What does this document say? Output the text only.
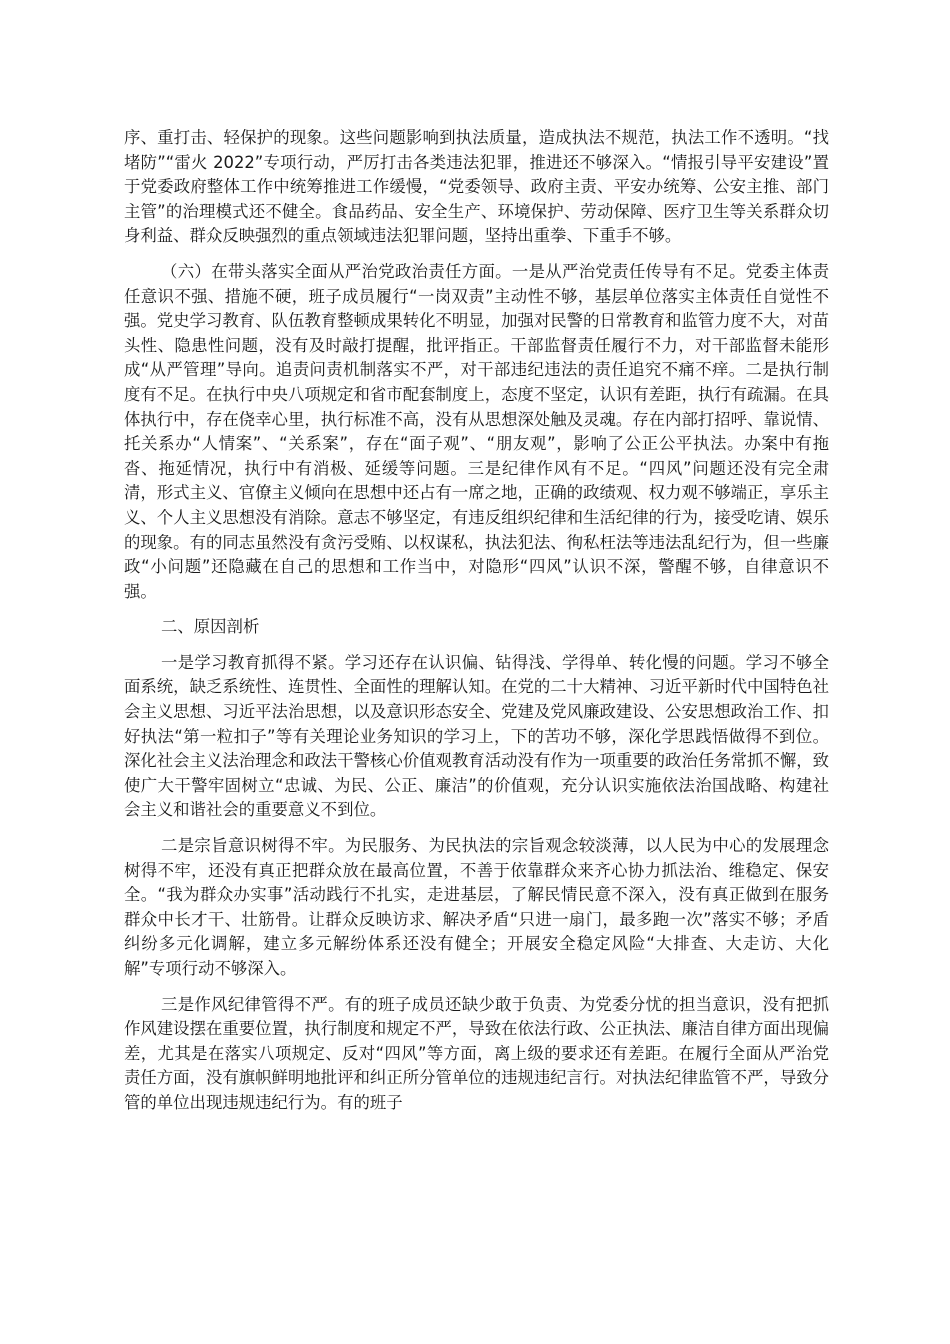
序、重打击、轻保护的现象。这些问题影响到执法质量，造成执法不规范，执法工作不透明。“找堵防”“雷火 2022”专项行动，严厉打击各类违法犯罪，推进还不够深入。“情报引导平安建设”置于党委政府整体工作中统筹推进工作缓慢，“党委领导、政府主责、平安办统筹、公安主推、部门主管”的治理模式还不健全。食品药品、安全生产、环境保护、劳动保障、医疗卫生等关系群众切身利益、群众反映强烈的重点领域违法犯罪问题，坚持出重拳、下重手不够。

（六）在带头落实全面从严治党政治责任方面。一是从严治党责任传导有不足。党委主体责任意识不强、措施不硬，班子成员履行“一岗双责”主动性不够，基层单位落实主体责任自觉性不强。党史学习教育、队伍教育整顿成果转化不明显，加强对民警的日常教育和监管力度不大，对苗头性、隐患性问题，没有及时敲打提醒，批评指正。干部监督责任履行不力，对干部监督未能形成“从严管理”导向。追责问责机制落实不严，对干部违纪违法的责任追究不痛不痒。二是执行制度有不足。在执行中央八项规定和省市配套制度上，态度不坚定，认识有差距，执行有疏漏。在具体执行中，存在侥幸心里，执行标准不高，没有从思想深处触及灵魂。存在内部打招呼、靠说情、托关系办“人情案”、“关系案”，存在“面子观”、“朋友观”，影响了公正公平执法。办案中有拖沓、拖延情况，执行中有消极、延缓等问题。三是纪律作风有不足。“四风”问题还没有完全肃清，形式主义、官僚主义倾向在思想中还占有一席之地，正确的政绩观、权力观不够端正，享乐主义、个人主义思想没有消除。意志不够坚定，有违反组织纪律和生活纪律的行为，接受吃请、娱乐的现象。有的同志虽然没有贪污受贿、以权谋私，执法犯法、徇私枉法等违法乱纪行为，但一些廉政“小问题”还隐藏在自己的思想和工作当中，对隐形“四风”认识不深，警醒不够，自律意识不强。

二、原因剖析

一是学习教育抓得不紧。学习还存在认识偏、钻得浅、学得单、转化慢的问题。学习不够全面系统，缺乏系统性、连贯性、全面性的理解认知。在党的二十大精神、习近平新时代中国特色社会主义思想、习近平法治思想，以及意识形态安全、党建及党风廉政建设、公安思想政治工作、扣好执法“第一粒扣子”等有关理论业务知识的学习上，下的苦功不够，深化学思践悟做得不到位。深化社会主义法治理念和政法干警核心价值观教育活动没有作为一项重要的政治任务常抓不懈，致使广大干警牢固树立“忠诚、为民、公正、廉洁”的价值观，充分认识实施依法治国战略、构建社会主义和谐社会的重要意义不到位。

二是宗旨意识树得不牢。为民服务、为民执法的宗旨观念较淡薄，以人民为中心的发展理念树得不牢，还没有真正把群众放在最高位置，不善于依靠群众来齐心协力抓法治、维稳定、保安全。“我为群众办实事”活动践行不扎实，走进基层，了解民情民意不深入，没有真正做到在服务群众中长才干、壮筋骨。让群众反映访求、解决矛盾“只进一扇门，最多跑一次”落实不够；矛盾纠纷多元化调解，建立多元解纷体系还没有健全；开展安全稳定风险“大排查、大走访、大化解”专项行动不够深入。

三是作风纪律管得不严。有的班子成员还缺少敢于负责、为党委分忧的担当意识，没有把抓作风建设摆在重要位置，执行制度和规定不严，导致在依法行政、公正执法、廉洁自律方面出现偏差，尤其是在落实八项规定、反对“四风”等方面，离上级的要求还有差距。在履行全面从严治党责任方面，没有旗帜鲜明地批评和纠正所分管单位的违规违纪言行。对执法纪律监管不严，导致分管的单位出现违规违纪行为。有的班子
